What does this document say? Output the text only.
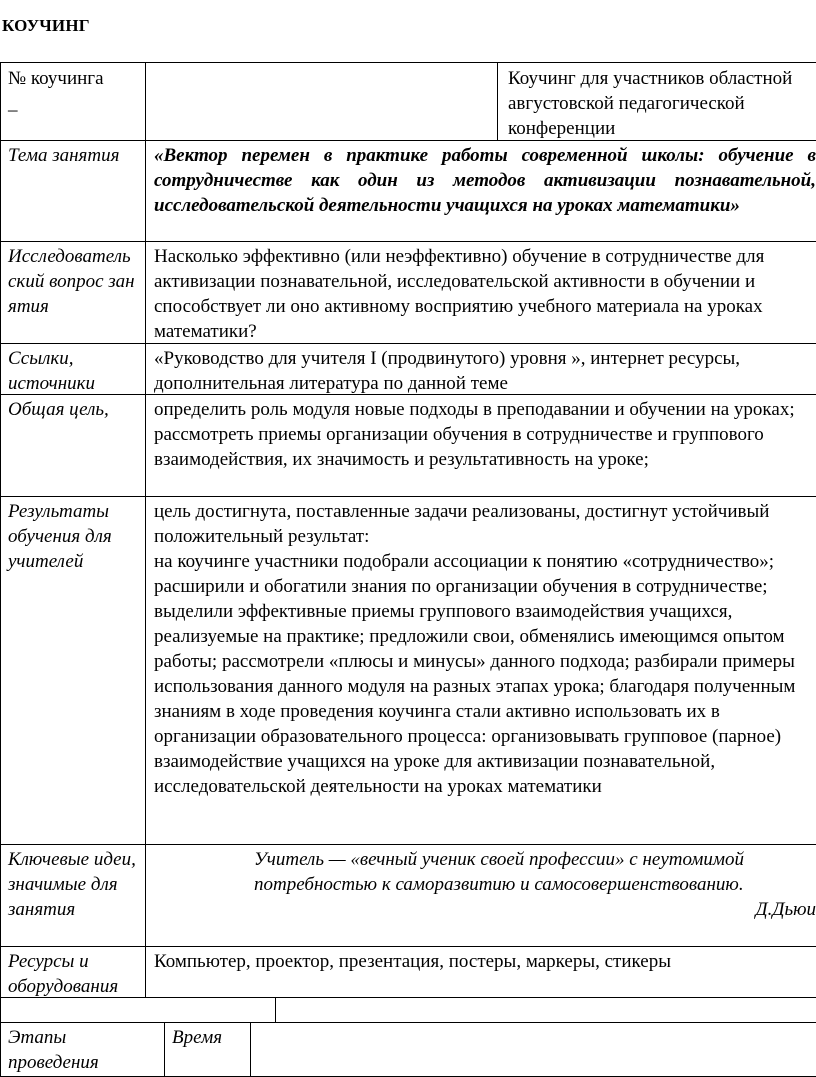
КОУЧИНГ
№ коучинга
_
Коучинг для участников областной августовской педагогической конференции
Тема занятия	«Вектор перемен в практике работы современной школы: обучение в сотрудничестве как один из методов активизации познавательной, исследовательской деятельности учащихся на уроках математики»
Исследовательский вопрос занятия
Насколько эффективно (или неэффективно) обучение в сотрудничестве для активизации познавательной, исследовательской активности в обучении и способствует ли оно активному восприятию учебного материала на уроках математики?
Ссылки, источники
«Руководство для учителя I (продвинутого) уровня », интернет ресурсы, дополнительная литература по данной теме
Общая цель,	определить роль модуля новые подходы в преподавании и обучении на уроках; рассмотреть приемы организации обучения в сотрудничестве и группового взаимодействия, их значимость и результативность на уроке;
Результаты обучения для учителей
цель достигнута, поставленные задачи реализованы, достигнут устойчивый положительный результат:
на коучинге участники подобрали ассоциации к понятию «сотрудничество»; расширили и обогатили знания по организации обучения в сотрудничестве; выделили эффективные приемы группового взаимодействия учащихся, реализуемые на практике; предложили свои, обменялись имеющимся опытом работы; рассмотрели «плюсы и минусы» данного подхода; разбирали примеры использования данного модуля на разных этапах урока; благодаря полученным знаниям в ходе проведения коучинга стали активно использовать их в организации образовательного процесса: организовывать групповое (парное) взаимодействие учащихся на уроке для активизации познавательной, исследовательской деятельности на уроках математики
Ключевые идеи, значимые для занятия
Учитель — «вечный ученик своей профессии» с неутомимой потребностью к саморазвитию и самосовершенствованию.
Д.Дьюи
Ресурсы и оборудования
Компьютер, проектор, презентация, постеры, маркеры, стикеры
Этапы проведения
Время
